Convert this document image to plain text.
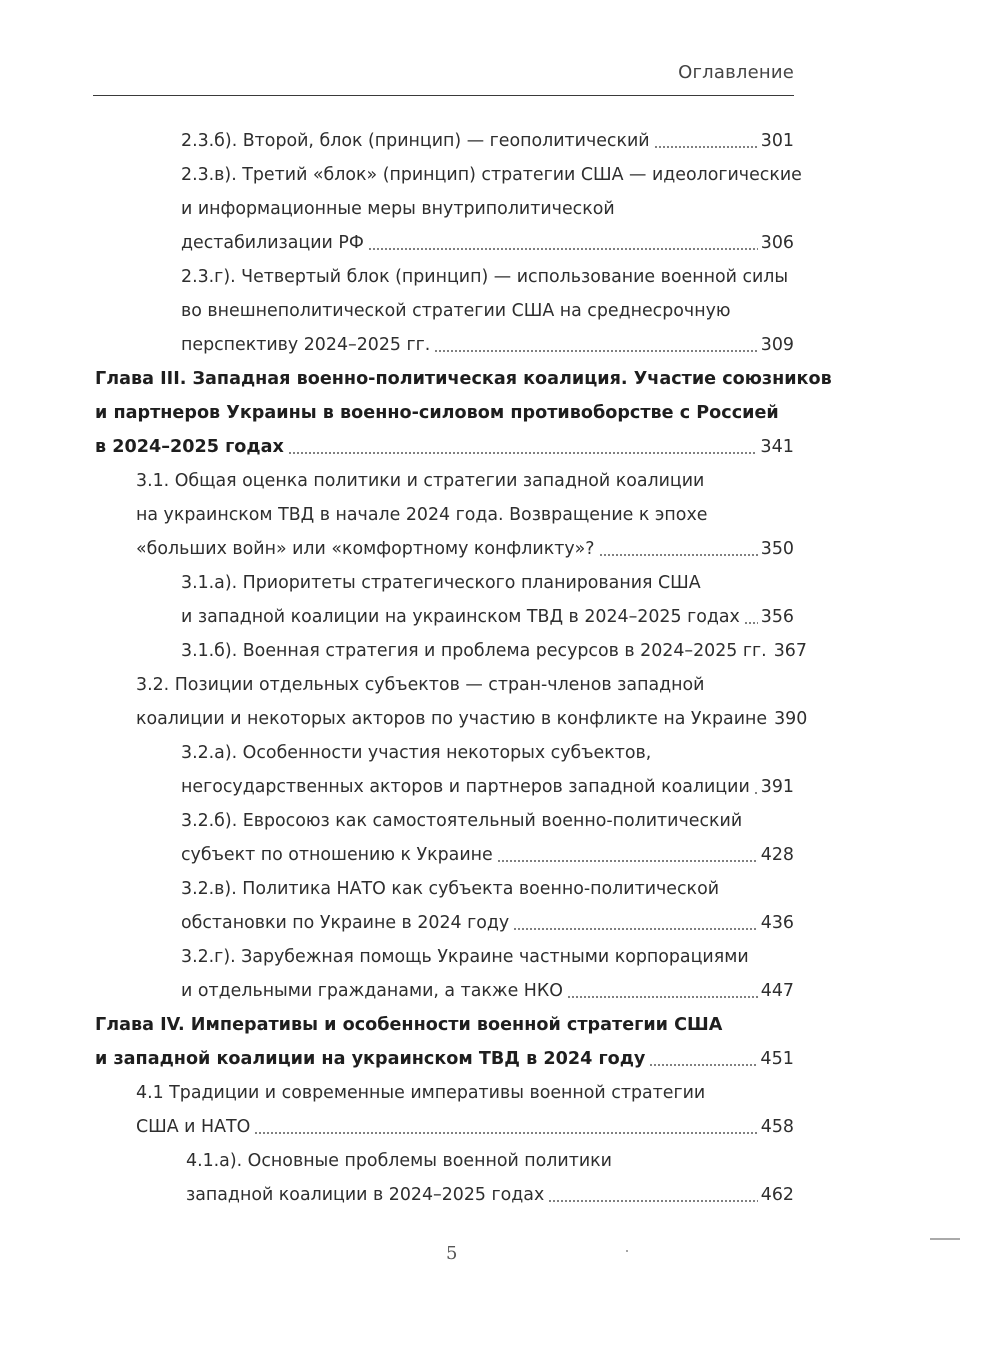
Оглавление
2.3.б). Второй, блок (принцип) — геополитический	301
2.3.в). Третий «блок» (принцип) стратегии США — идеологические
и информационные меры внутриполитической
дестабилизации РФ	306
2.3.г). Четвертый блок (принцип) — использование военной силы
во внешнеполитической стратегии США на среднесрочную
перспективу 2024–2025 гг.	309
Глава III. Западная военно-политическая коалиция. Участие союзников
и партнеров Украины в военно-силовом противоборстве с Россией
в 2024–2025 годах	341
3.1. Общая оценка политики и стратегии западной коалиции
на украинском ТВД в начале 2024 года. Возвращение к эпохе
«больших войн» или «комфортному конфликту»?	350
3.1.а). Приоритеты стратегического планирования США
и западной коалиции на украинском ТВД в 2024–2025 годах 356
3.1.б). Военная стратегия и проблема ресурсов в 2024–2025 гг. 367
3.2. Позиции отдельных субъектов — стран-членов западной
коалиции и некоторых акторов по участию в конфликте на Украине 390
3.2.а). Особенности участия некоторых субъектов,
негосударственных акторов и партнеров западной коалиции 391
3.2.б). Евросоюз как самостоятельный военно-политический
субъект по отношению к Украине	428
3.2.в). Политика НАТО как субъекта военно-политической
обстановки по Украине в 2024 году	436
3.2.г). Зарубежная помощь Украине частными корпорациями
и отдельными гражданами, а также НКО	447
Глава IV. Императивы и особенности военной стратегии США
и западной коалиции на украинском ТВД в 2024 году	451
4.1 Традиции и современные императивы военной стратегии
США и НАТО	458
4.1.а). Основные проблемы военной политики
западной коалиции в 2024–2025 годах	462
5
